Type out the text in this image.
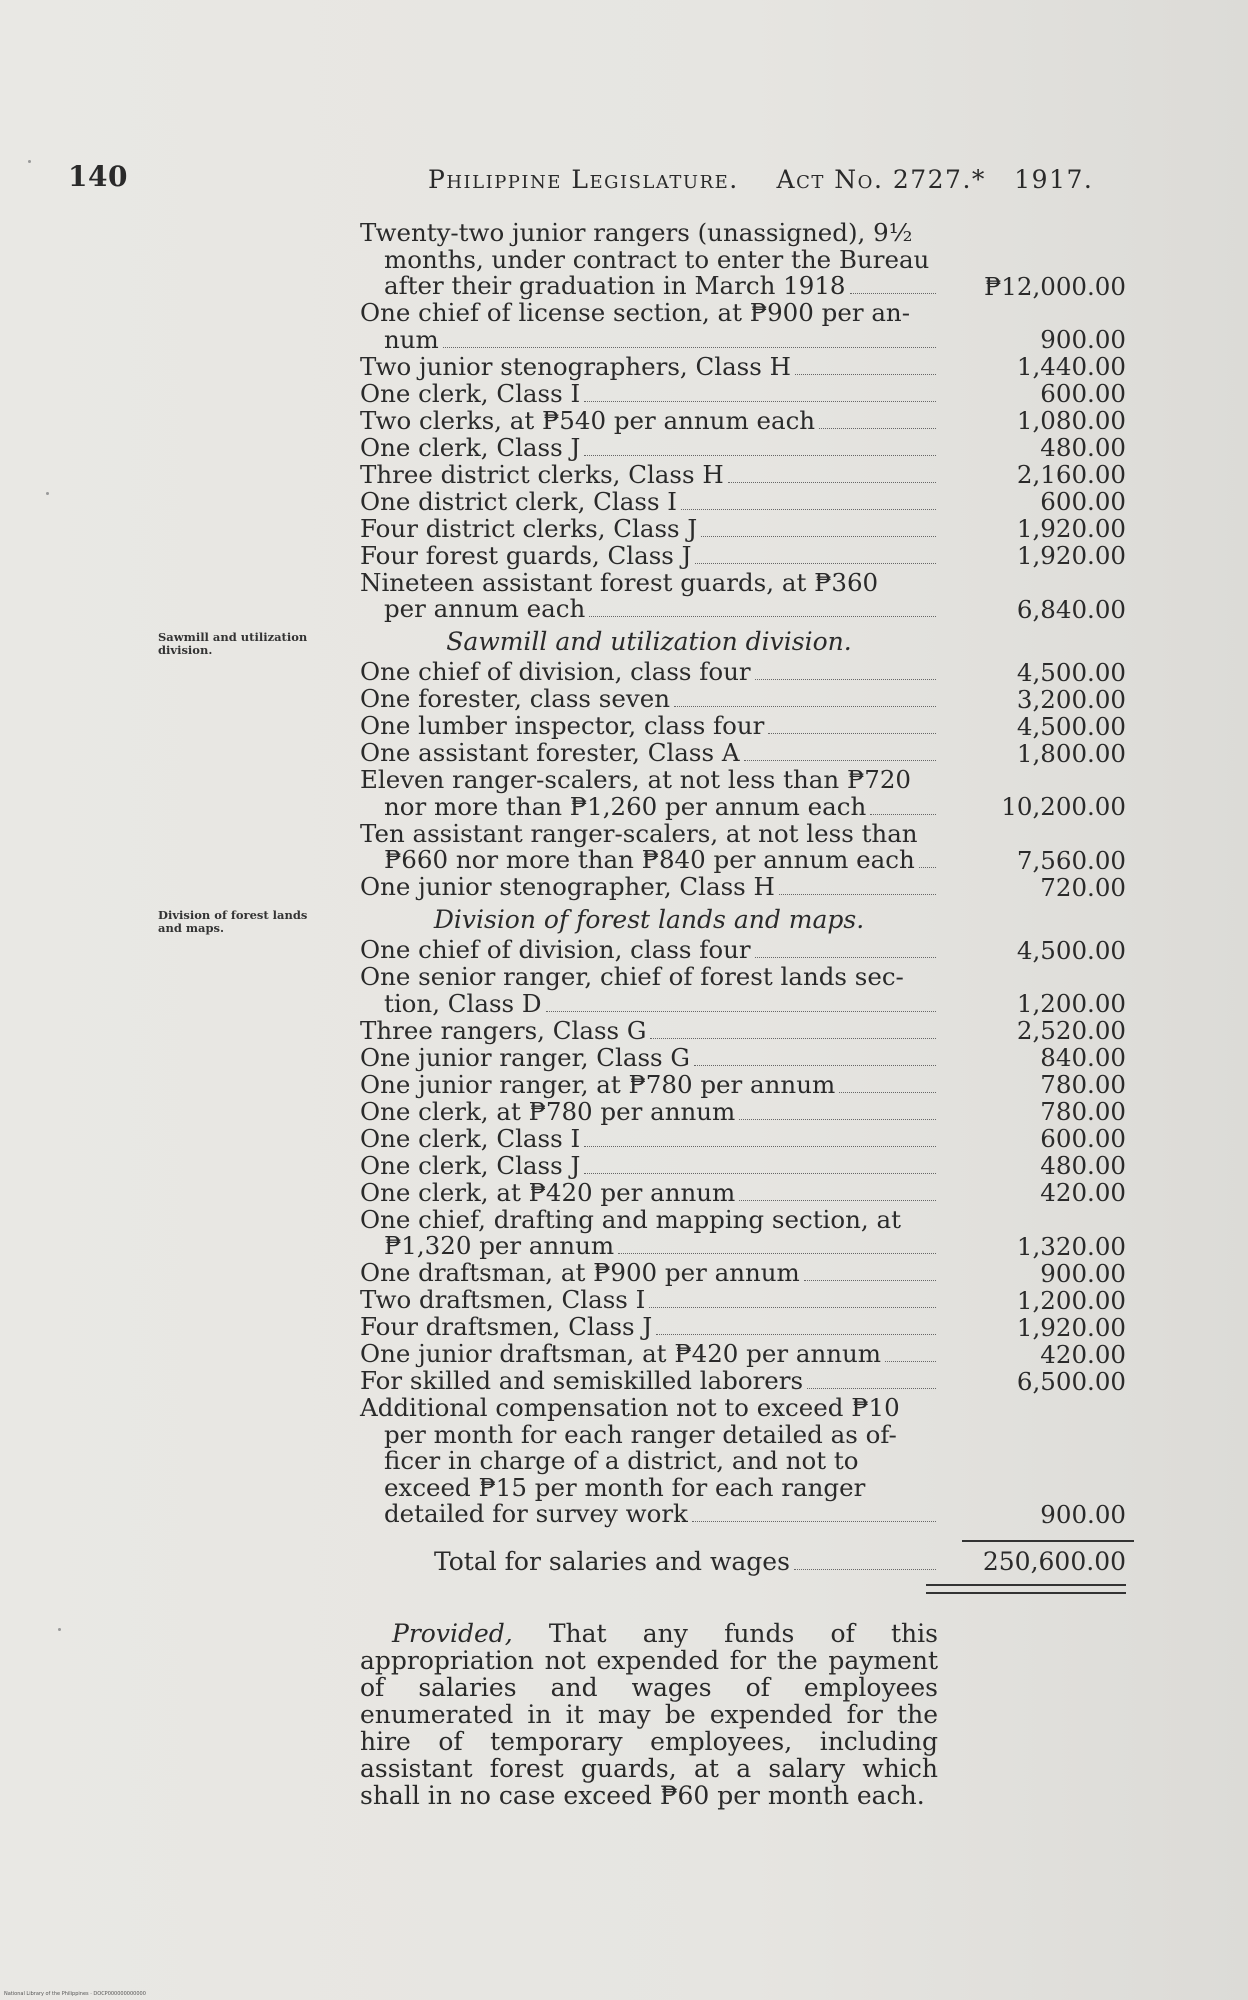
140	Philippine Legislature. Act No. 2727.* 1917.
Twenty-two junior rangers (unassigned), 9½
months, under contract to enter the Bureau
after their graduation in March 1918	₱12,000.00
One chief of license section, at ₱900 per an-
num	900.00
Two junior stenographers, Class H	1,440.00
One clerk, Class I	600.00
Two clerks, at ₱540 per annum each	1,080.00
One clerk, Class J	480.00
Three district clerks, Class H	2,160.00
One district clerk, Class I	600.00
Four district clerks, Class J	1,920.00
Four forest guards, Class J	1,920.00
Nineteen assistant forest guards, at ₱360
per annum each	6,840.00
Sawmill and utilization division.	Sawmill and utilization division.
One chief of division, class four	4,500.00
One forester, class seven	3,200.00
One lumber inspector, class four	4,500.00
One assistant forester, Class A	1,800.00
Eleven ranger-scalers, at not less than ₱720
nor more than ₱1,260 per annum each	10,200.00
Ten assistant ranger-scalers, at not less than
₱660 nor more than ₱840 per annum each	7,560.00
One junior stenographer, Class H	720.00
Division of forest lands and maps.	Division of forest lands and maps.
One chief of division, class four	4,500.00
One senior ranger, chief of forest lands sec-
tion, Class D	1,200.00
Three rangers, Class G	2,520.00
One junior ranger, Class G	840.00
One junior ranger, at ₱780 per annum	780.00
One clerk, at ₱780 per annum	780.00
One clerk, Class I	600.00
One clerk, Class J	480.00
One clerk, at ₱420 per annum	420.00
One chief, drafting and mapping section, at
₱1,320 per annum	1,320.00
One draftsman, at ₱900 per annum	900.00
Two draftsmen, Class I	1,200.00
Four draftsmen, Class J	1,920.00
One junior draftsman, at ₱420 per annum	420.00
For skilled and semiskilled laborers	6,500.00
Additional compensation not to exceed ₱10
per month for each ranger detailed as of-
ficer in charge of a district, and not to
exceed ₱15 per month for each ranger
detailed for survey work	900.00
Total for salaries and wages	250,600.00

Provided, That any funds of this appropriation not expended for the payment of salaries and wages of employees enumerated in it may be expended for the hire of temporary employees, including assistant forest guards, at a salary which shall in no case exceed ₱60 per month each.

National Library of the Philippines · DOCP000000000000
